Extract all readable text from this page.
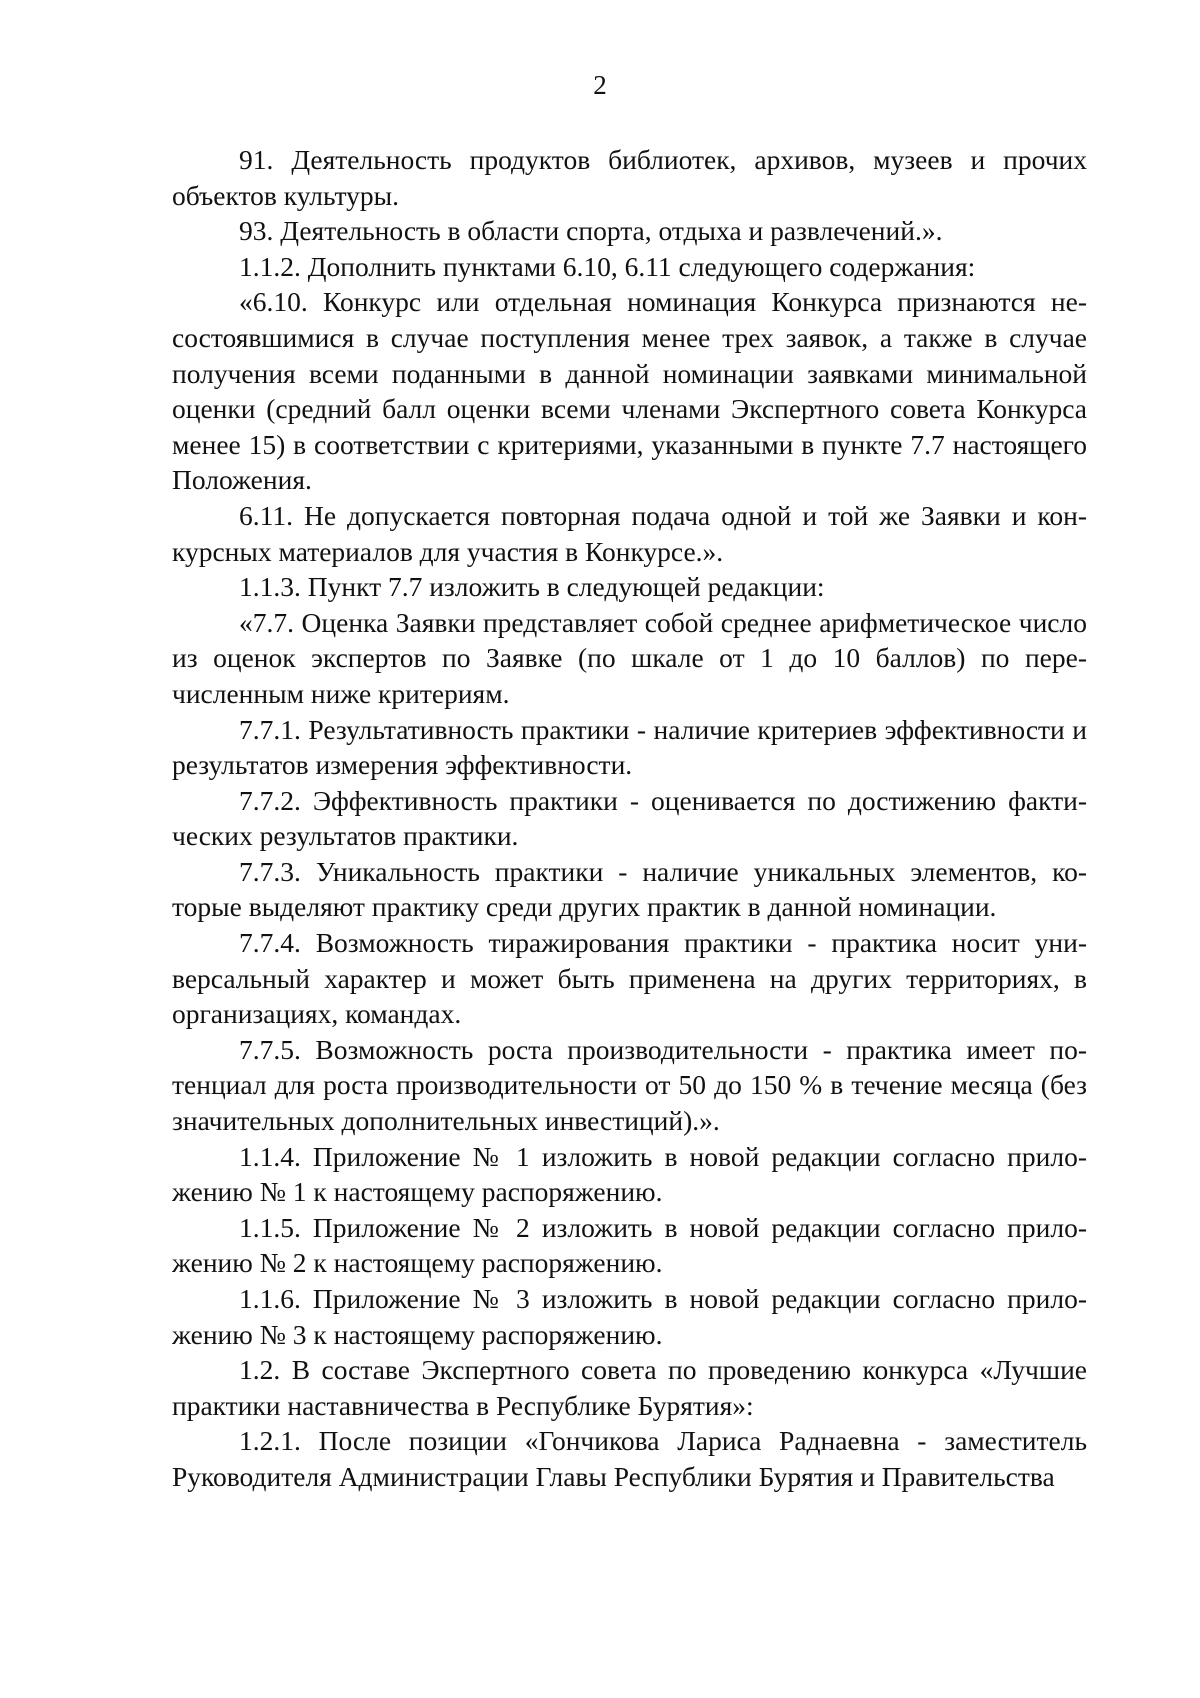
2

91. Деятельность продуктов библиотек, архивов, музеев и прочих объектов культуры.

93. Деятельность в области спорта, отдыха и развлечений.».

1.1.2. Дополнить пунктами 6.10, 6.11 следующего содержания:

«6.10. Конкурс или отдельная номинация Конкурса признаются несостоявшимися в случае поступления менее трех заявок, а также в случае получения всеми поданными в данной номинации заявками минимальной оценки (средний балл оценки всеми членами Экспертного совета Конкурса менее 15) в соответствии с критериями, указанными в пункте 7.7 настоящего Положения.

6.11. Не допускается повторная подача одной и той же Заявки и конкурсных материалов для участия в Конкурсе.».

1.1.3. Пункт 7.7 изложить в следующей редакции:

«7.7. Оценка Заявки представляет собой среднее арифметическое число из оценок экспертов по Заявке (по шкале от 1 до 10 баллов) по перечисленным ниже критериям.

7.7.1. Результативность практики - наличие критериев эффективности и результатов измерения эффективности.

7.7.2. Эффективность практики - оценивается по достижению фактических результатов практики.

7.7.3. Уникальность практики - наличие уникальных элементов, которые выделяют практику среди других практик в данной номинации.

7.7.4. Возможность тиражирования практики - практика носит универсальный характер и может быть применена на других территориях, в организациях, командах.

7.7.5. Возможность роста производительности - практика имеет потенциал для роста производительности от 50 до 150 % в течение месяца (без значительных дополнительных инвестиций).».

1.1.4. Приложение № 1 изложить в новой редакции согласно приложению № 1 к настоящему распоряжению.

1.1.5. Приложение № 2 изложить в новой редакции согласно приложению № 2 к настоящему распоряжению.

1.1.6. Приложение № 3 изложить в новой редакции согласно приложению № 3 к настоящему распоряжению.

1.2. В составе Экспертного совета по проведению конкурса «Лучшие практики наставничества в Республике Бурятия»:

1.2.1. После позиции «Гончикова Лариса Раднаевна - заместитель Руководителя Администрации Главы Республики Бурятия и Правительства
